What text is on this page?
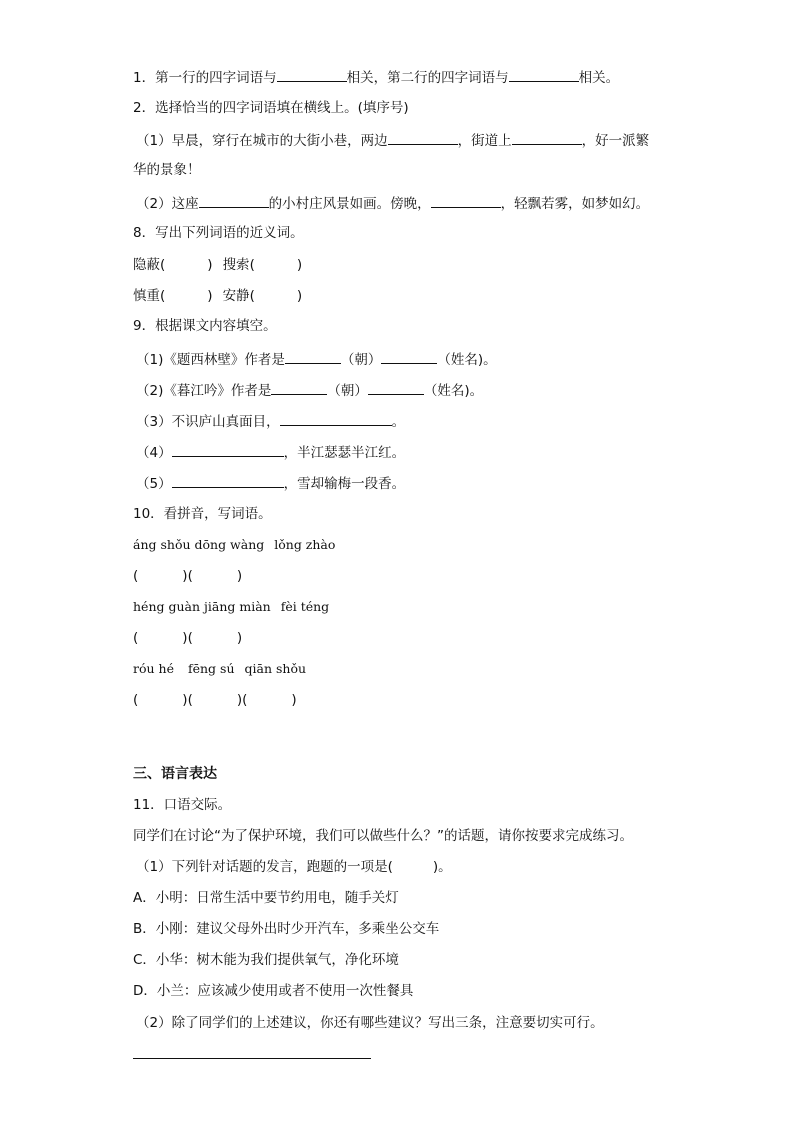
1．第一行的四字词语与	相关，第二行的四字词语与	相关。
2．选择恰当的四字词语填在横线上。(填序号)
（1）早晨，穿行在城市的大街小巷，两边	，街道上	，好一派繁
华的景象！
（2）这座	的小村庄风景如画。傍晚，	，轻飘若雾，如梦如幻。
8．写出下列词语的近义词。
隐蔽(	) 搜索(	)
慎重(	) 安静(	)
9．根据课文内容填空。
（1)《题西林壁》作者是	（朝）	（姓名)。
（2)《暮江吟》作者是	（朝）	（姓名)。
（3）不识庐山真面目，	。
（4）	，半江瑟瑟半江红。
（5）	，雪却输梅一段香。
10．看拼音，写词语。
áng shǒu dōng wàng lǒng zhào
(	)(	)
héng guàn jiāng miàn fèi téng
(	)(	)
róu hé fēng sú qiān shǒu
(	)(	)(	)
三、语言表达
11．口语交际。
同学们在讨论“为了保护环境，我们可以做些什么？”的话题，请你按要求完成练习。
（1）下列针对话题的发言，跑题的一项是(	)。
A．小明：日常生活中要节约用电，随手关灯
B．小刚：建议父母外出时少开汽车，多乘坐公交车
C．小华：树木能为我们提供氧气，净化环境
D．小兰：应该减少使用或者不使用一次性餐具
（2）除了同学们的上述建议，你还有哪些建议？写出三条，注意要切实可行。
